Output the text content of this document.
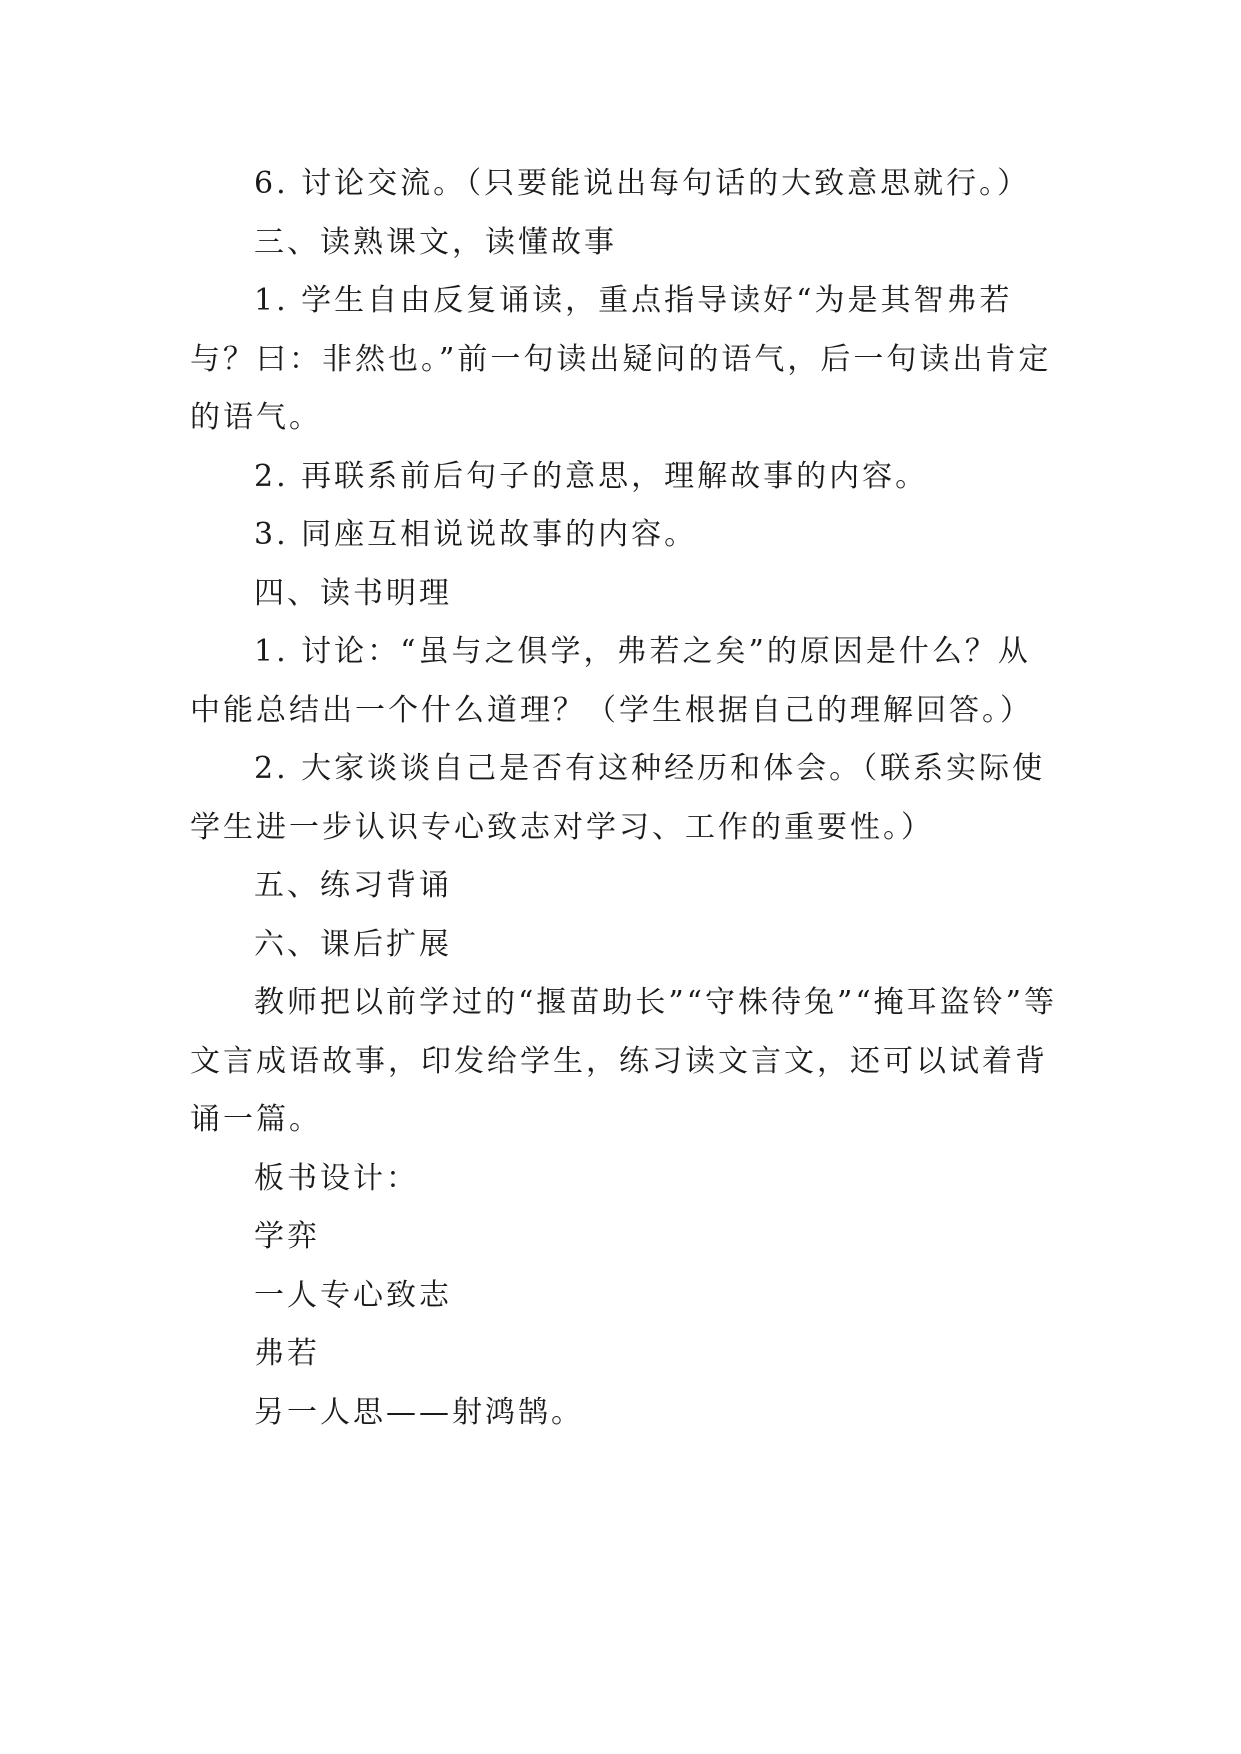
6. 讨论交流。（只要能说出每句话的大致意思就行。）

三、读熟课文，读懂故事

1. 学生自由反复诵读，重点指导读好“为是其智弗若与？曰：非然也。”前一句读出疑问的语气，后一句读出肯定的语气。

2. 再联系前后句子的意思，理解故事的内容。

3. 同座互相说说故事的内容。

四、读书明理

1. 讨论：“虽与之俱学，弗若之矣”的原因是什么？从中能总结出一个什么道理？（学生根据自己的理解回答。）

2. 大家谈谈自己是否有这种经历和体会。（联系实际使学生进一步认识专心致志对学习、工作的重要性。）

五、练习背诵

六、课后扩展

教师把以前学过的“揠苗助长”“守株待兔”“掩耳盗铃”等文言成语故事，印发给学生，练习读文言文，还可以试着背诵一篇。

板书设计：

学弈

一人专心致志

弗若

另一人思——射鸿鹄。
